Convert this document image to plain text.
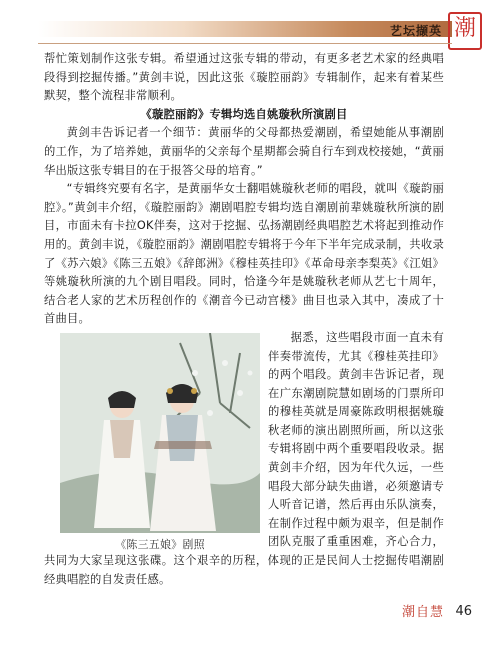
艺坛撷英 潮

帮忙策划制作这张专辑。希望通过这张专辑的带动，有更多老艺术家的经典唱段得到挖掘传播。”黄剑丰说，因此这张《璇腔丽韵》专辑制作，起来有着某些默契，整个流程非常顺利。

《璇腔丽韵》专辑均选自姚璇秋所演剧目

黄剑丰告诉记者一个细节：黄丽华的父母都热爱潮剧，希望她能从事潮剧的工作，为了培养她，黄丽华的父亲每个星期都会骑自行车到戏校接她，“黄丽华出版这张专辑目的在于报答父母的培育。”

“专辑终究要有名字，是黄丽华女士翻唱姚璇秋老师的唱段，就叫《璇韵丽腔》。”黄剑丰介绍，《璇腔丽韵》潮剧唱腔专辑均选自潮剧前辈姚璇秋所演的剧目，市面未有卡拉OK伴奏，这对于挖掘、弘扬潮剧经典唱腔艺术将起到推动作用的。黄剑丰说，《璇腔丽韵》潮剧唱腔专辑将于今年下半年完成录制，共收录了《苏六娘》《陈三五娘》《辞郎洲》《穆桂英挂印》《革命母亲李梨英》《江姐》等姚璇秋所演的九个剧目唱段。同时，恰逢今年是姚璇秋老师从艺七十周年，结合老人家的艺术历程创作的《潮音今已动宫楼》曲目也录入其中，凑成了十首曲目。

《陈三五娘》剧照

据悉，这些唱段市面一直未有伴奏带流传，尤其《穆桂英挂印》的两个唱段。黄剑丰告诉记者，现在广东潮剧院慧如剧场的门票所印的穆桂英就是周豪陈政明根据姚璇秋老师的演出剧照所画，所以这张专辑将剧中两个重要唱段收录。据黄剑丰介绍，因为年代久远，一些唱段大部分缺失曲谱，必须邀请专人听音记谱，然后再由乐队演奏，在制作过程中颇为艰辛，但是制作团队克服了重重困难，齐心合力，共同为大家呈现这张碟。这个艰辛的历程，体现的正是民间人士挖掘传唱潮剧经典唱腔的自发责任感。

潮自慧 46
